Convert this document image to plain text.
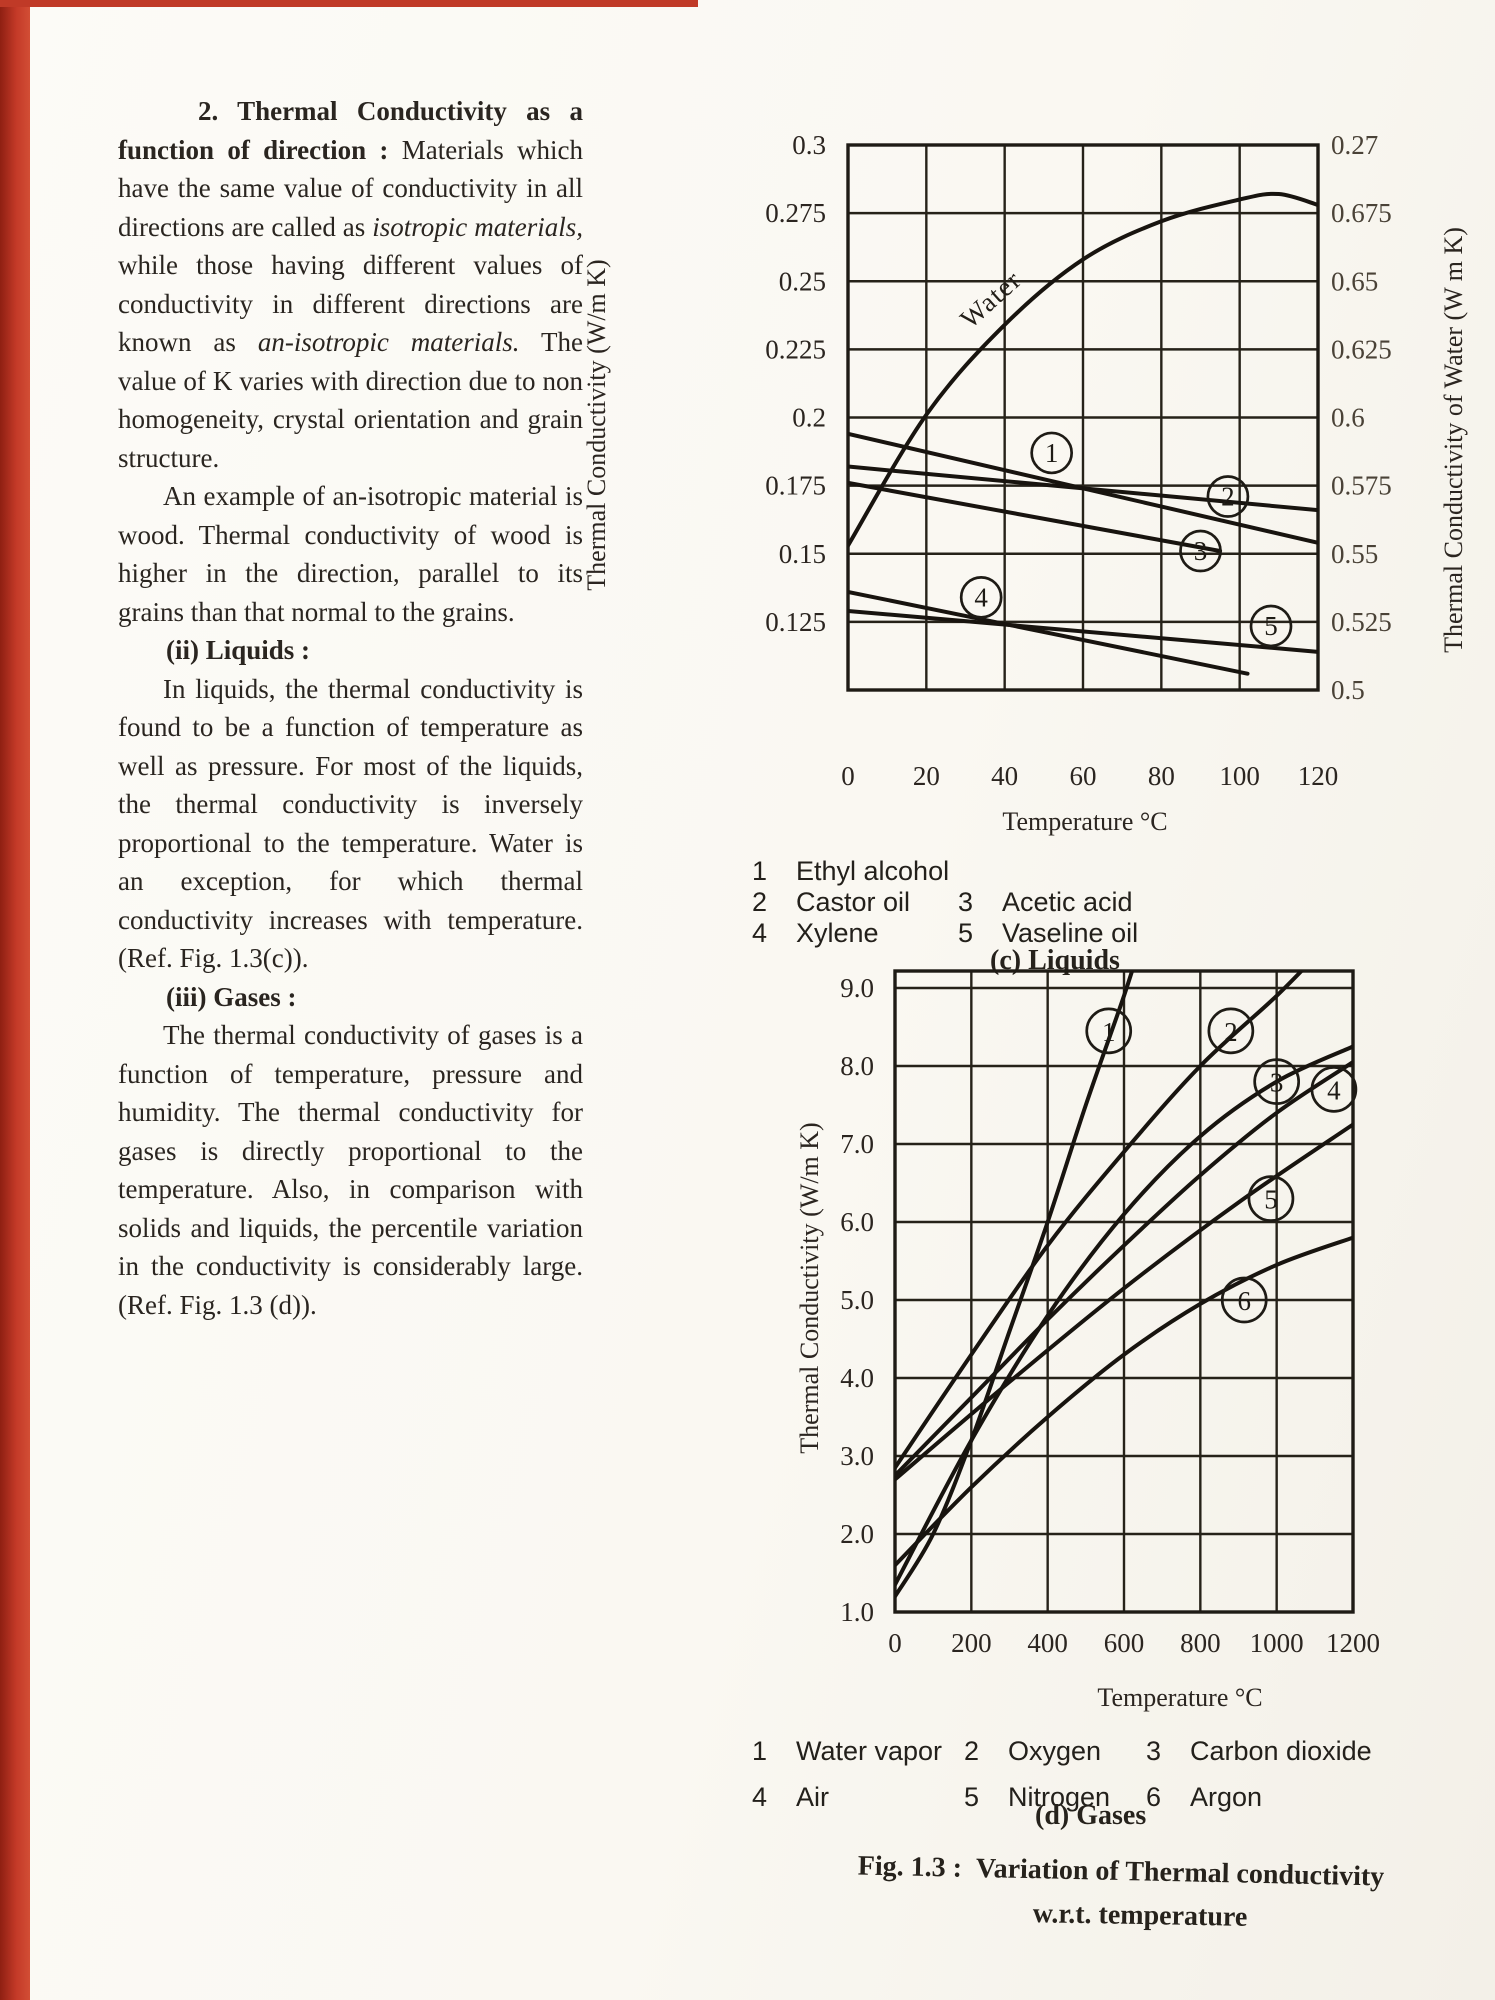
2. Thermal Conductivity as a function of direction : Materials which have the same value of conductivity in all directions are called as isotropic materials, while those having different values of conductivity in different directions are known as an-isotropic materials. The value of K varies with direction due to non homogeneity, crystal orientation and grain structure.

An example of an-isotropic material is wood. Thermal conductivity of wood is higher in the direction, parallel to its grains than that normal to the grains.

(ii) Liquids :

In liquids, the thermal conductivity is found to be a function of temperature as well as pressure. For most of the liquids, the thermal conductivity is inversely proportional to the temperature. Water is an exception, for which thermal conductivity increases with temperature. (Ref. Fig. 1.3(c)).

(iii) Gases :

The thermal conductivity of gases is a function of temperature, pressure and humidity. The thermal conductivity for gases is directly proportional to the temperature. Also, in comparison with solids and liquids, the percentile variation in the conductivity is considerably large. (Ref. Fig. 1.3 (d)).

0.3
0.275
0.25
0.225
0.2
0.175
0.15
0.125
0.27
0.675
0.65
0.625
0.6
0.575
0.55
0.525
0.5
0 20 40 60 80 100 120
Temperature °C
Thermal Conductivity (W/m K)	Thermal Conductivity of Water (W m K)
Water
1
2
3
4
5
1 Ethyl alcohol
2 Castor oil
4 Xylene
3 Acetic acid
5 Vaseline oil
(c) Liquids
9.0
8.0
7.0
6.0
5.0
4.0
3.0
2.0
1.0
0 200 400 600 800 1000 1200
Temperature °C
Thermal Conductivity (W/m K)
1	2
3 4
5
6
1 Water vapor
4 Air
2 Oxygen
5 Nitrogen
3 Carbon dioxide
6 Argon
(d) Gases
Fig. 1.3 : Variation of Thermal conductivity
w.r.t. temperature
